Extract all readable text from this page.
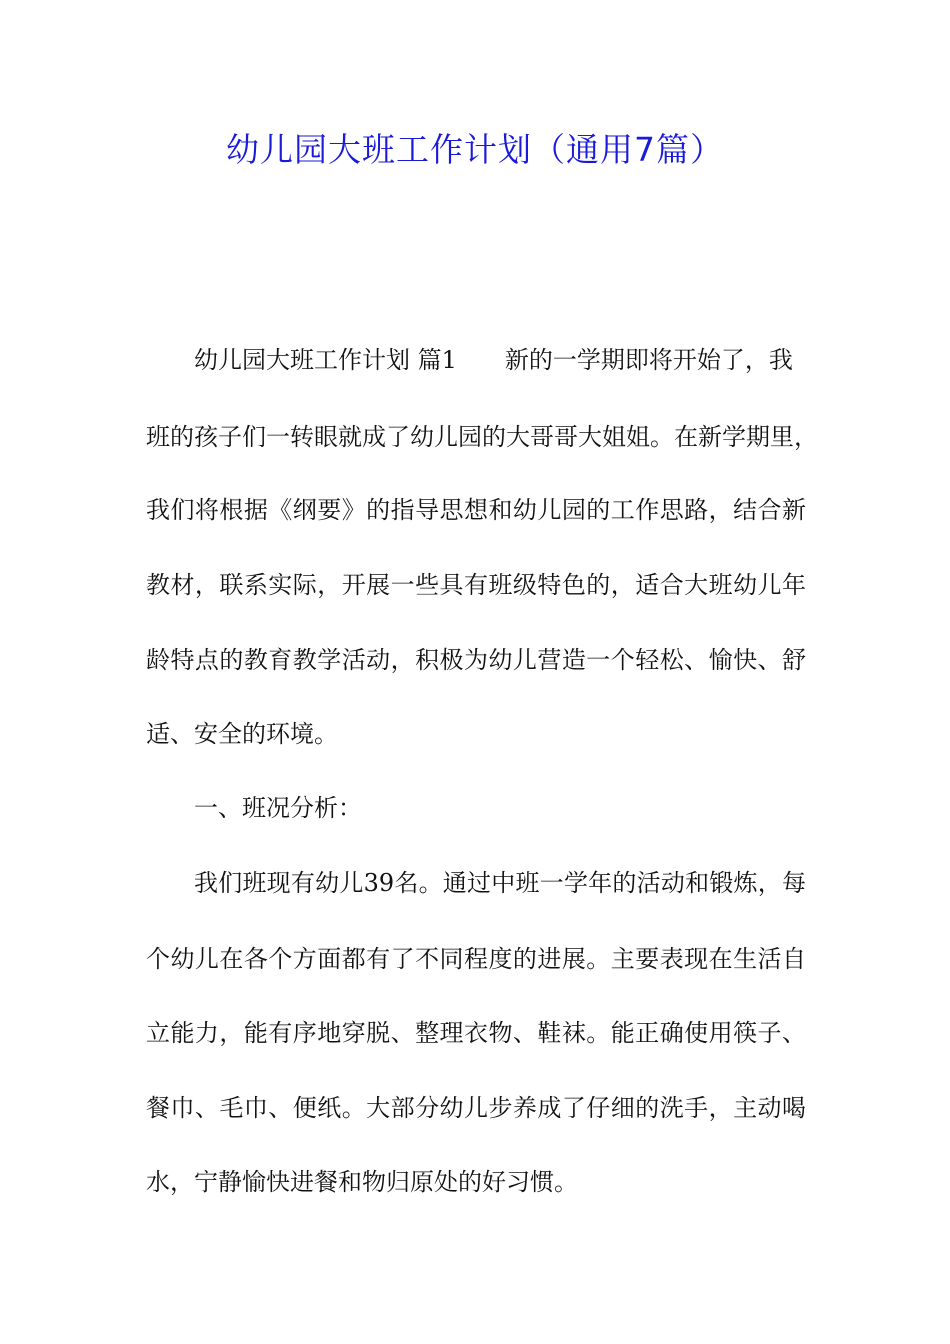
幼儿园大班工作计划（通用7篇）
幼儿园大班工作计划 篇1 新的一学期即将开始了，我
班的孩子们一转眼就成了幼儿园的大哥哥大姐姐。在新学期里，
我们将根据《纲要》的指导思想和幼儿园的工作思路，结合新
教材，联系实际，开展一些具有班级特色的，适合大班幼儿年
龄特点的教育教学活动，积极为幼儿营造一个轻松、愉快、舒
适、安全的环境。
一、班况分析：
我们班现有幼儿39名。通过中班一学年的活动和锻炼，每
个幼儿在各个方面都有了不同程度的进展。主要表现在生活自
立能力，能有序地穿脱、整理衣物、鞋袜。能正确使用筷子、
餐巾、毛巾、便纸。大部分幼儿步养成了仔细的洗手，主动喝
水，宁静愉快进餐和物归原处的好习惯。
